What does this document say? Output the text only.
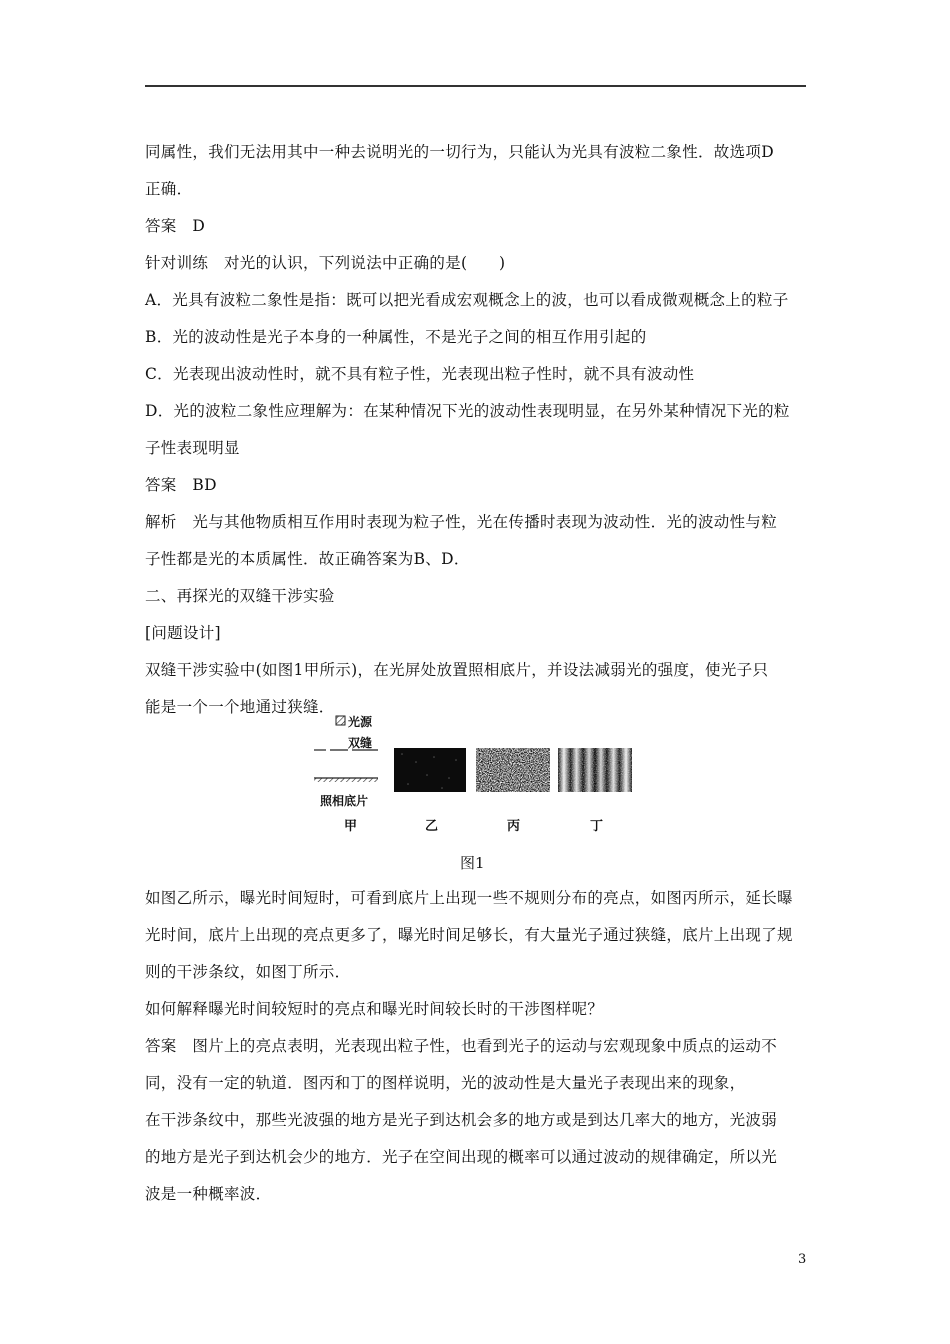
同属性，我们无法用其中一种去说明光的一切行为，只能认为光具有波粒二象性．故选项D
正确．
答案　D
针对训练　对光的认识，下列说法中正确的是(　　)
A．光具有波粒二象性是指：既可以把光看成宏观概念上的波，也可以看成微观概念上的粒子
B．光的波动性是光子本身的一种属性，不是光子之间的相互作用引起的
C．光表现出波动性时，就不具有粒子性，光表现出粒子性时，就不具有波动性
D．光的波粒二象性应理解为：在某种情况下光的波动性表现明显，在另外某种情况下光的粒
子性表现明显
答案　BD
解析　光与其他物质相互作用时表现为粒子性，光在传播时表现为波动性．光的波动性与粒
子性都是光的本质属性．故正确答案为B、D．
二、再探光的双缝干涉实验
[问题设计]
双缝干涉实验中(如图1甲所示)，在光屏处放置照相底片，并设法减弱光的强度，使光子只
能是一个一个地通过狭缝．
光源
双缝
照相底片
甲	乙	丙	丁
图1
如图乙所示，曝光时间短时，可看到底片上出现一些不规则分布的亮点，如图丙所示，延长曝
光时间，底片上出现的亮点更多了，曝光时间足够长，有大量光子通过狭缝，底片上出现了规
则的干涉条纹，如图丁所示．
如何解释曝光时间较短时的亮点和曝光时间较长时的干涉图样呢？
答案　图片上的亮点表明，光表现出粒子性，也看到光子的运动与宏观现象中质点的运动不
同，没有一定的轨道．图丙和丁的图样说明，光的波动性是大量光子表现出来的现象，
在干涉条纹中，那些光波强的地方是光子到达机会多的地方或是到达几率大的地方，光波弱
的地方是光子到达机会少的地方．光子在空间出现的概率可以通过波动的规律确定，所以光
波是一种概率波．
3
